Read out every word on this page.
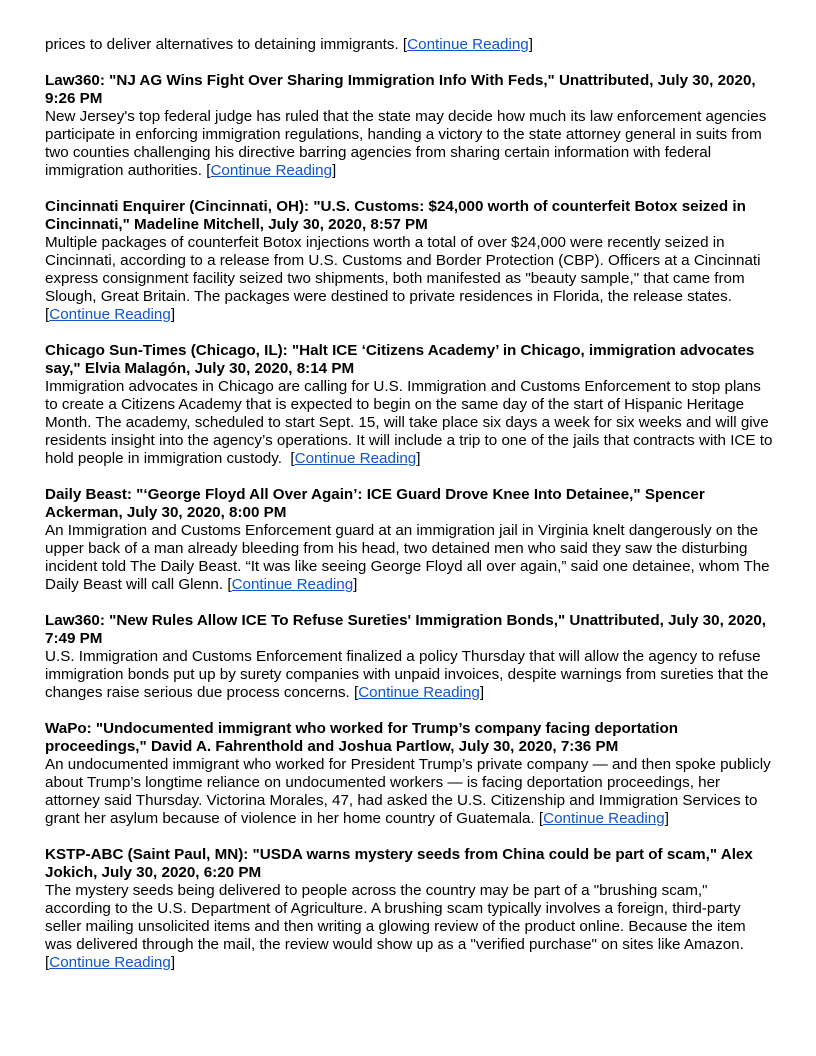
prices to deliver alternatives to detaining immigrants. [Continue Reading]

Law360: "NJ AG Wins Fight Over Sharing Immigration Info With Feds," Unattributed, July 30, 2020, 9:26 PM

New Jersey's top federal judge has ruled that the state may decide how much its law enforcement agencies participate in enforcing immigration regulations, handing a victory to the state attorney general in suits from two counties challenging his directive barring agencies from sharing certain information with federal immigration authorities. [Continue Reading]

Cincinnati Enquirer (Cincinnati, OH): "U.S. Customs: $24,000 worth of counterfeit Botox seized in Cincinnati," Madeline Mitchell, July 30, 2020, 8:57 PM

Multiple packages of counterfeit Botox injections worth a total of over $24,000 were recently seized in Cincinnati, according to a release from U.S. Customs and Border Protection (CBP). Officers at a Cincinnati express consignment facility seized two shipments, both manifested as "beauty sample," that came from Slough, Great Britain. The packages were destined to private residences in Florida, the release states. [Continue Reading]

Chicago Sun-Times (Chicago, IL): "Halt ICE ‘Citizens Academy’ in Chicago, immigration advocates say," Elvia Malagón, July 30, 2020, 8:14 PM

Immigration advocates in Chicago are calling for U.S. Immigration and Customs Enforcement to stop plans to create a Citizens Academy that is expected to begin on the same day of the start of Hispanic Heritage Month. The academy, scheduled to start Sept. 15, will take place six days a week for six weeks and will give residents insight into the agency’s operations. It will include a trip to one of the jails that contracts with ICE to hold people in immigration custody.  [Continue Reading]

Daily Beast: "‘George Floyd All Over Again’: ICE Guard Drove Knee Into Detainee," Spencer Ackerman, July 30, 2020, 8:00 PM

An Immigration and Customs Enforcement guard at an immigration jail in Virginia knelt dangerously on the upper back of a man already bleeding from his head, two detained men who said they saw the disturbing incident told The Daily Beast. “It was like seeing George Floyd all over again,” said one detainee, whom The Daily Beast will call Glenn. [Continue Reading]

Law360: "New Rules Allow ICE To Refuse Sureties' Immigration Bonds," Unattributed, July 30, 2020, 7:49 PM

U.S. Immigration and Customs Enforcement finalized a policy Thursday that will allow the agency to refuse immigration bonds put up by surety companies with unpaid invoices, despite warnings from sureties that the changes raise serious due process concerns. [Continue Reading]

WaPo: "Undocumented immigrant who worked for Trump’s company facing deportation proceedings," David A. Fahrenthold and Joshua Partlow, July 30, 2020, 7:36 PM

An undocumented immigrant who worked for President Trump’s private company — and then spoke publicly about Trump’s longtime reliance on undocumented workers — is facing deportation proceedings, her attorney said Thursday. Victorina Morales, 47, had asked the U.S. Citizenship and Immigration Services to grant her asylum because of violence in her home country of Guatemala. [Continue Reading]

KSTP-ABC (Saint Paul, MN): "USDA warns mystery seeds from China could be part of scam," Alex Jokich, July 30, 2020, 6:20 PM

The mystery seeds being delivered to people across the country may be part of a "brushing scam," according to the U.S. Department of Agriculture. A brushing scam typically involves a foreign, third-party seller mailing unsolicited items and then writing a glowing review of the product online. Because the item was delivered through the mail, the review would show up as a "verified purchase" on sites like Amazon. [Continue Reading]
